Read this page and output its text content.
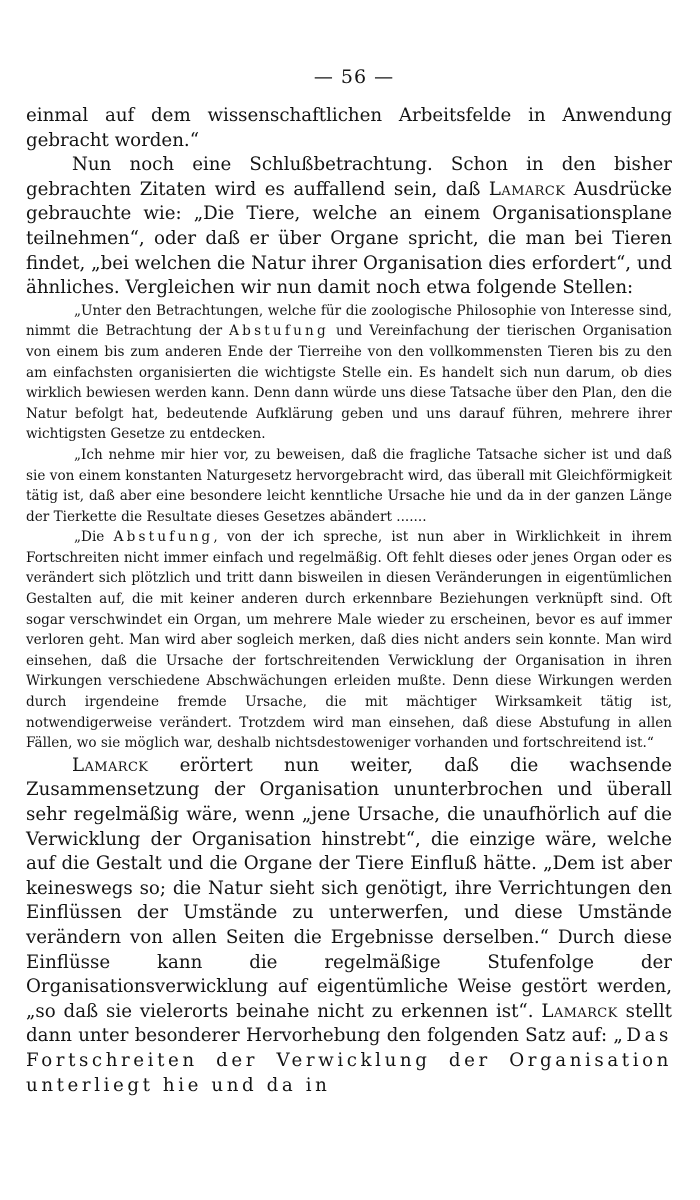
— 56 —

einmal auf dem wissenschaftlichen Arbeitsfelde in Anwendung gebracht worden.“

Nun noch eine Schlußbetrachtung. Schon in den bisher gebrachten Zitaten wird es auffallend sein, daß Lamarck Ausdrücke gebrauchte wie: „Die Tiere, welche an einem Organisationsplane teilnehmen“, oder daß er über Organe spricht, die man bei Tieren findet, „bei welchen die Natur ihrer Organisation dies erfordert“, und ähnliches. Vergleichen wir nun damit noch etwa folgende Stellen:

„Unter den Betrachtungen, welche für die zoologische Philosophie von Interesse sind, nimmt die Betrachtung der Abstufung und Vereinfachung der tierischen Organisation von einem bis zum anderen Ende der Tierreihe von den vollkommensten Tieren bis zu den am einfachsten organisierten die wichtigste Stelle ein. Es handelt sich nun darum, ob dies wirklich bewiesen werden kann. Denn dann würde uns diese Tatsache über den Plan, den die Natur befolgt hat, bedeutende Aufklärung geben und uns darauf führen, mehrere ihrer wichtigsten Gesetze zu entdecken.

„Ich nehme mir hier vor, zu beweisen, daß die fragliche Tatsache sicher ist und daß sie von einem konstanten Naturgesetz hervorgebracht wird, das überall mit Gleichförmigkeit tätig ist, daß aber eine besondere leicht kenntliche Ursache hie und da in der ganzen Länge der Tierkette die Resultate dieses Gesetzes abändert .......

„Die Abstufung, von der ich spreche, ist nun aber in Wirklichkeit in ihrem Fortschreiten nicht immer einfach und regelmäßig. Oft fehlt dieses oder jenes Organ oder es verändert sich plötzlich und tritt dann bisweilen in diesen Veränderungen in eigentümlichen Gestalten auf, die mit keiner anderen durch erkennbare Beziehungen verknüpft sind. Oft sogar verschwindet ein Organ, um mehrere Male wieder zu erscheinen, bevor es auf immer verloren geht. Man wird aber sogleich merken, daß dies nicht anders sein konnte. Man wird einsehen, daß die Ursache der fortschreitenden Verwicklung der Organisation in ihren Wirkungen verschiedene Abschwächungen erleiden mußte. Denn diese Wirkungen werden durch irgendeine fremde Ursache, die mit mächtiger Wirksamkeit tätig ist, notwendigerweise verändert. Trotzdem wird man einsehen, daß diese Abstufung in allen Fällen, wo sie möglich war, deshalb nichtsdestoweniger vorhanden und fortschreitend ist.“

Lamarck erörtert nun weiter, daß die wachsende Zusammensetzung der Organisation ununterbrochen und überall sehr regelmäßig wäre, wenn „jene Ursache, die unaufhörlich auf die Verwicklung der Organisation hinstrebt“, die einzige wäre, welche auf die Gestalt und die Organe der Tiere Einfluß hätte. „Dem ist aber keineswegs so; die Natur sieht sich genötigt, ihre Verrichtungen den Einflüssen der Umstände zu unterwerfen, und diese Umstände verändern von allen Seiten die Ergebnisse derselben.“ Durch diese Einflüsse kann die regelmäßige Stufenfolge der Organisationsverwicklung auf eigentümliche Weise gestört werden, „so daß sie vielerorts beinahe nicht zu erkennen ist“. Lamarck stellt dann unter besonderer Hervorhebung den folgenden Satz auf: „Das Fortschreiten der Verwicklung der Organisation unterliegt hie und da in
